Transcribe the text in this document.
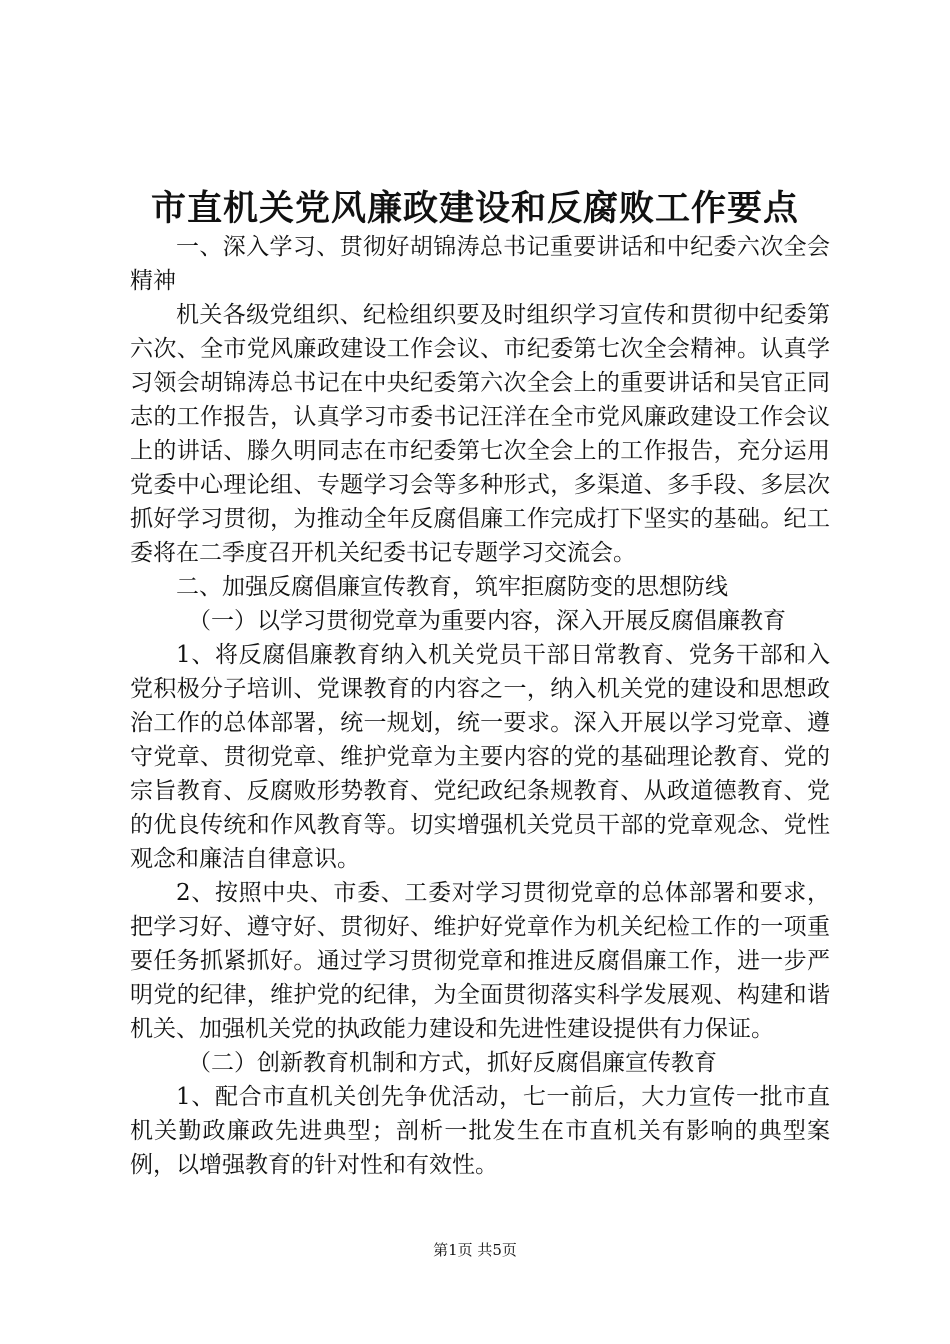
市直机关党风廉政建设和反腐败工作要点

一、深入学习、贯彻好胡锦涛总书记重要讲话和中纪委六次全会精神

机关各级党组织、纪检组织要及时组织学习宣传和贯彻中纪委第六次、全市党风廉政建设工作会议、市纪委第七次全会精神。认真学习领会胡锦涛总书记在中央纪委第六次全会上的重要讲话和吴官正同志的工作报告，认真学习市委书记汪洋在全市党风廉政建设工作会议上的讲话、滕久明同志在市纪委第七次全会上的工作报告，充分运用党委中心理论组、专题学习会等多种形式，多渠道、多手段、多层次抓好学习贯彻，为推动全年反腐倡廉工作完成打下坚实的基础。纪工委将在二季度召开机关纪委书记专题学习交流会。

二、加强反腐倡廉宣传教育，筑牢拒腐防变的思想防线

（一）以学习贯彻党章为重要内容，深入开展反腐倡廉教育

1、将反腐倡廉教育纳入机关党员干部日常教育、党务干部和入党积极分子培训、党课教育的内容之一，纳入机关党的建设和思想政治工作的总体部署，统一规划，统一要求。深入开展以学习党章、遵守党章、贯彻党章、维护党章为主要内容的党的基础理论教育、党的宗旨教育、反腐败形势教育、党纪政纪条规教育、从政道德教育、党的优良传统和作风教育等。切实增强机关党员干部的党章观念、党性观念和廉洁自律意识。

2、按照中央、市委、工委对学习贯彻党章的总体部署和要求，把学习好、遵守好、贯彻好、维护好党章作为机关纪检工作的一项重要任务抓紧抓好。通过学习贯彻党章和推进反腐倡廉工作，进一步严明党的纪律，维护党的纪律，为全面贯彻落实科学发展观、构建和谐机关、加强机关党的执政能力建设和先进性建设提供有力保证。

（二）创新教育机制和方式，抓好反腐倡廉宣传教育

1、配合市直机关创先争优活动，七一前后，大力宣传一批市直机关勤政廉政先进典型；剖析一批发生在市直机关有影响的典型案例，以增强教育的针对性和有效性。

第1页 共5页
